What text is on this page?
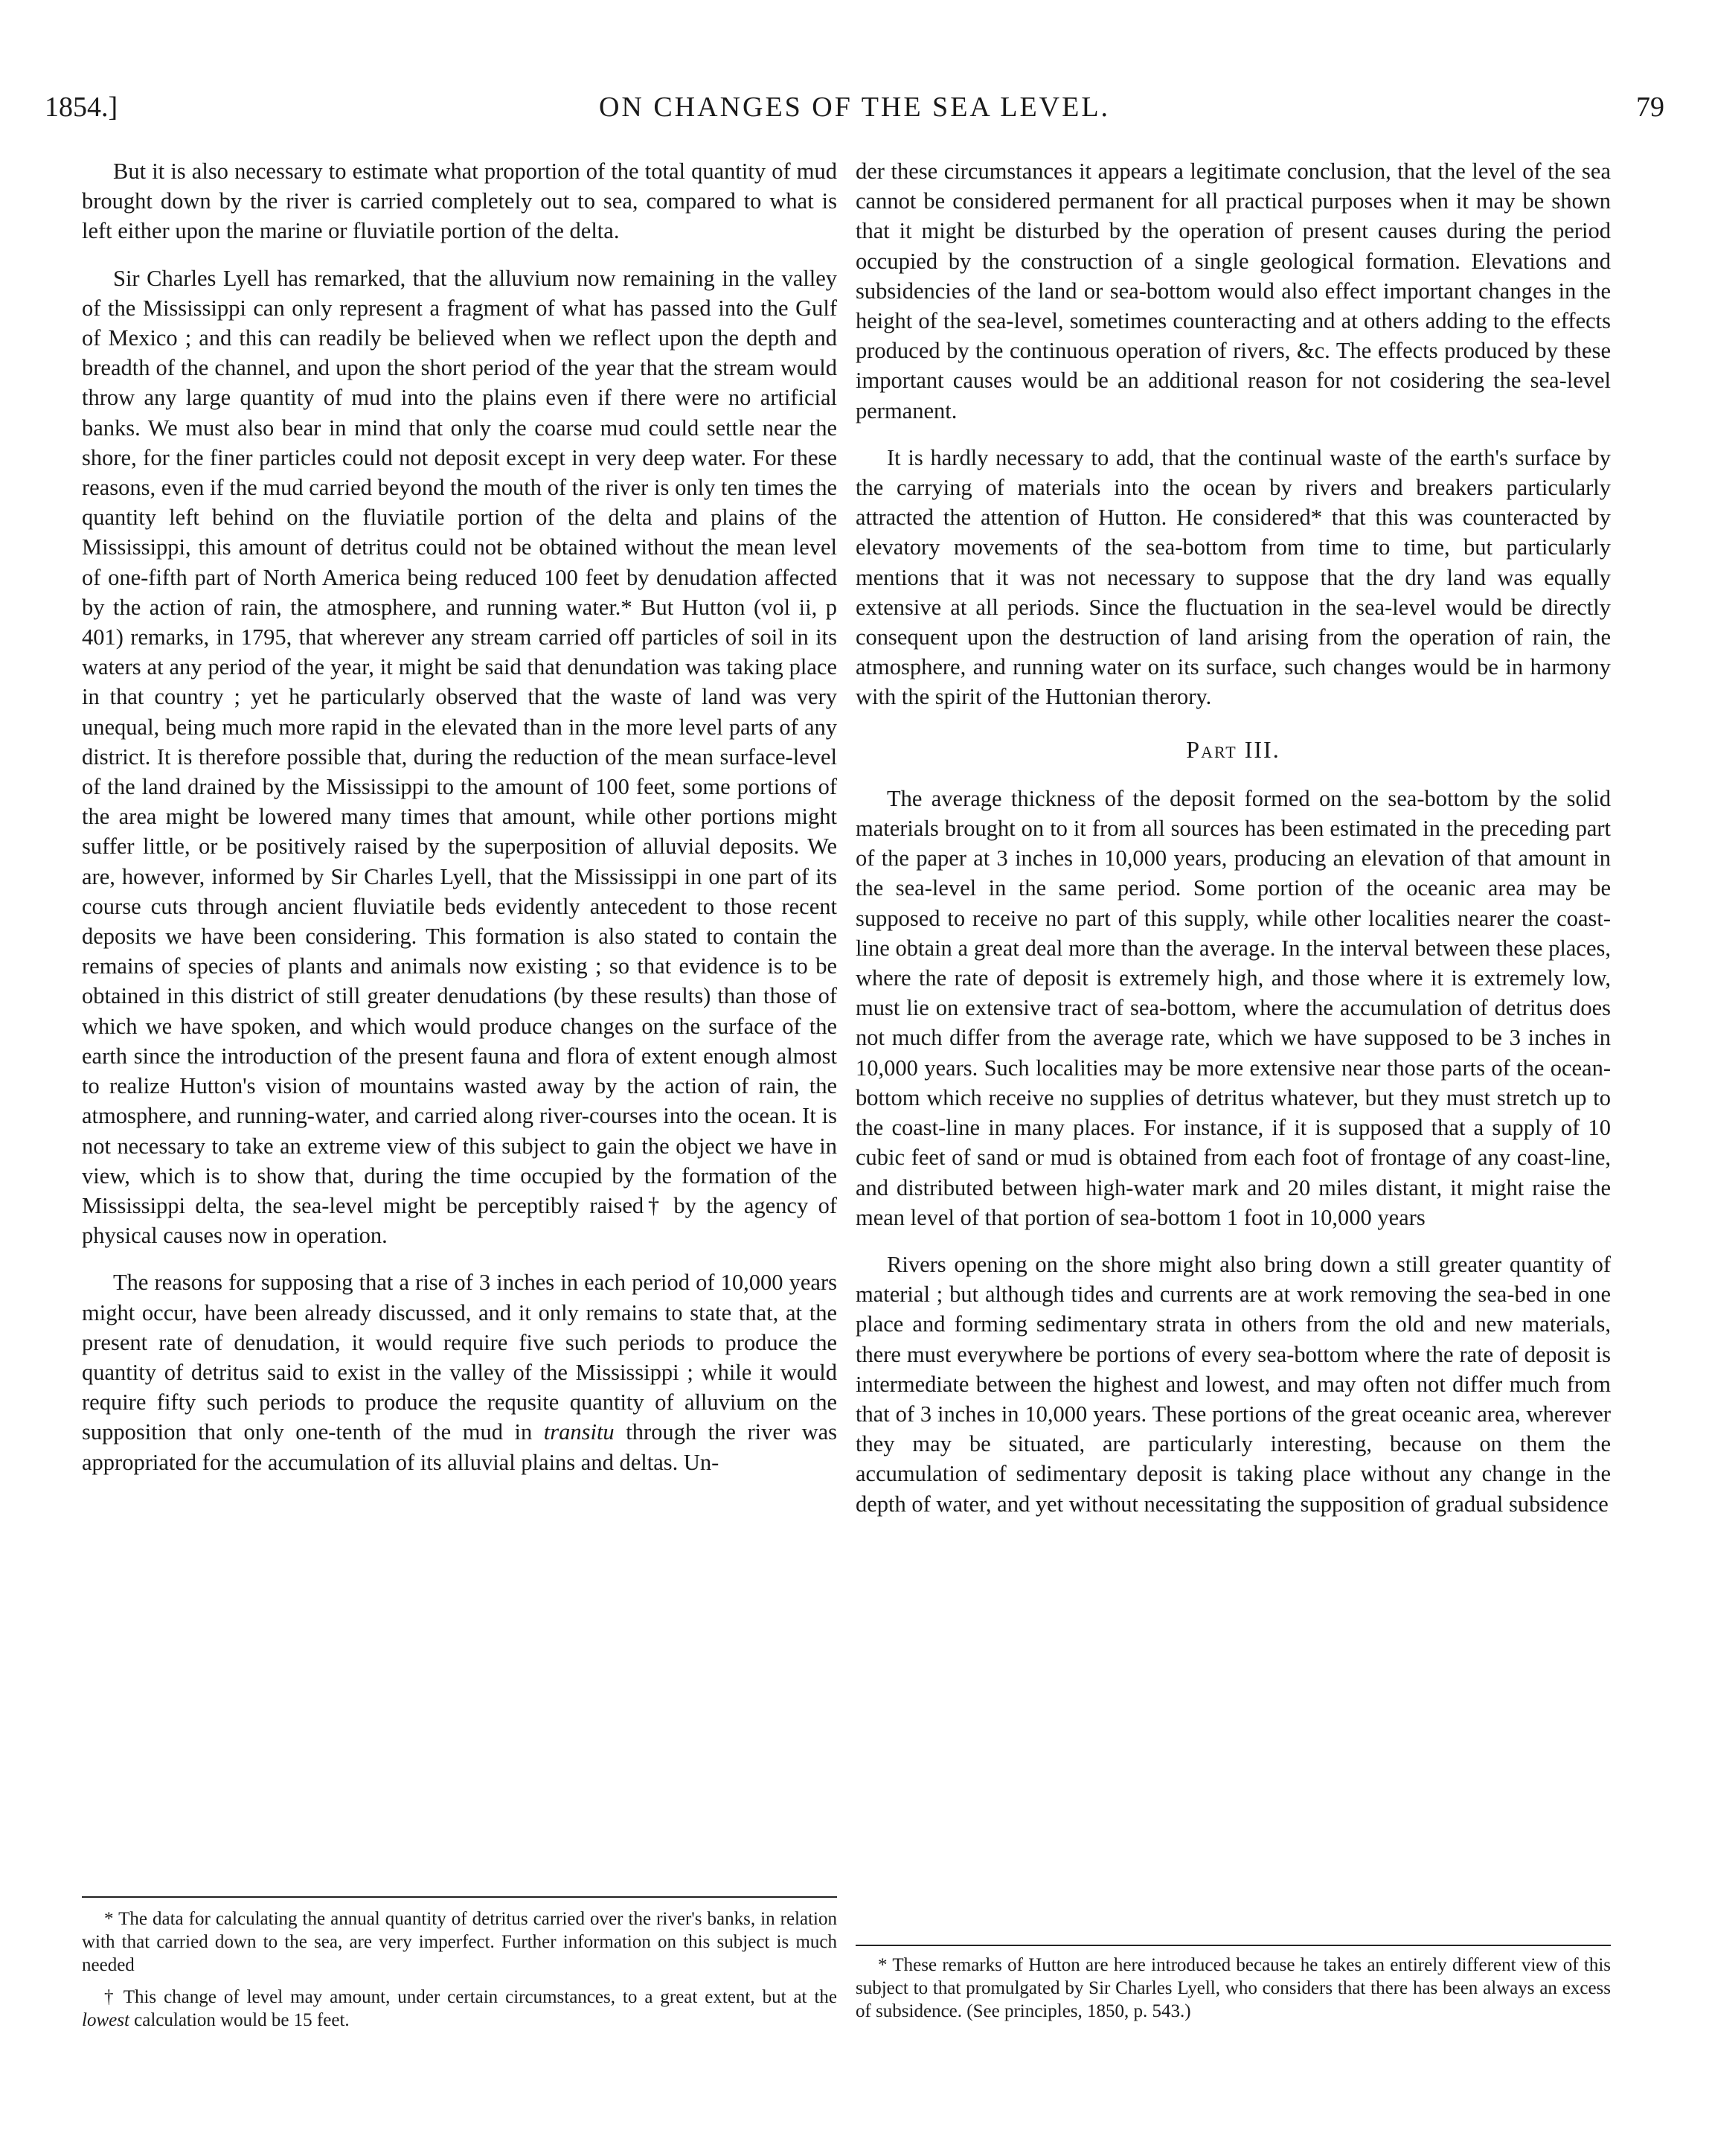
1854.]	ON CHANGES OF THE SEA LEVEL.	79

But it is also necessary to estimate what proportion of the total quantity of mud brought down by the river is carried completely out to sea, compared to what is left either upon the marine or fluviatile portion of the delta.

Sir Charles Lyell has remarked, that the alluvium now remaining in the valley of the Mississippi can only represent a fragment of what has passed into the Gulf of Mexico ; and this can readily be believed when we reflect upon the depth and breadth of the channel, and upon the short period of the year that the stream would throw any large quantity of mud into the plains even if there were no artificial banks. We must also bear in mind that only the coarse mud could settle near the shore, for the finer particles could not deposit except in very deep water. For these reasons, even if the mud carried beyond the mouth of the river is only ten times the quantity left behind on the fluviatile portion of the delta and plains of the Mississippi, this amount of detritus could not be obtained without the mean level of one-fifth part of North America being reduced 100 feet by denudation affected by the action of rain, the atmosphere, and running water.* But Hutton (vol ii, p 401) remarks, in 1795, that wherever any stream carried off particles of soil in its waters at any period of the year, it might be said that denundation was taking place in that country ; yet he particularly observed that the waste of land was very unequal, being much more rapid in the elevated than in the more level parts of any district. It is therefore possible that, during the reduction of the mean surface-level of the land drained by the Mississippi to the amount of 100 feet, some portions of the area might be lowered many times that amount, while other portions might suffer little, or be positively raised by the superposition of alluvial deposits. We are, however, informed by Sir Charles Lyell, that the Mississippi in one part of its course cuts through ancient fluviatile beds evidently antecedent to those recent deposits we have been considering. This formation is also stated to contain the remains of species of plants and animals now existing ; so that evidence is to be obtained in this district of still greater denudations (by these results) than those of which we have spoken, and which would produce changes on the surface of the earth since the introduction of the present fauna and flora of extent enough almost to realize Hutton's vision of mountains wasted away by the action of rain, the atmosphere, and running-water, and carried along river-courses into the ocean. It is not necessary to take an extreme view of this subject to gain the object we have in view, which is to show that, during the time occupied by the formation of the Mississippi delta, the sea-level might be perceptibly raised† by the agency of physical causes now in operation.

The reasons for supposing that a rise of 3 inches in each period of 10,000 years might occur, have been already discussed, and it only remains to state that, at the present rate of denudation, it would require five such periods to produce the quantity of detritus said to exist in the valley of the Mississippi ; while it would require fifty such periods to produce the requsite quantity of alluvium on the supposition that only one-tenth of the mud in transitu through the river was appropriated for the accumulation of its alluvial plains and deltas. Un-

der these circumstances it appears a legitimate conclusion, that the level of the sea cannot be considered permanent for all practical purposes when it may be shown that it might be disturbed by the operation of present causes during the period occupied by the construction of a single geological formation. Elevations and subsidencies of the land or sea-bottom would also effect important changes in the height of the sea-level, sometimes counteracting and at others adding to the effects produced by the continuous operation of rivers, &c. The effects produced by these important causes would be an additional reason for not cosidering the sea-level permanent.

It is hardly necessary to add, that the continual waste of the earth's surface by the carrying of materials into the ocean by rivers and breakers particularly attracted the attention of Hutton. He considered* that this was counteracted by elevatory movements of the sea-bottom from time to time, but particularly mentions that it was not necessary to suppose that the dry land was equally extensive at all periods. Since the fluctuation in the sea-level would be directly consequent upon the destruction of land arising from the operation of rain, the atmosphere, and running water on its surface, such changes would be in harmony with the spirit of the Huttonian therory.

Part III.

The average thickness of the deposit formed on the sea-bottom by the solid materials brought on to it from all sources has been estimated in the preceding part of the paper at 3 inches in 10,000 years, producing an elevation of that amount in the sea-level in the same period. Some portion of the oceanic area may be supposed to receive no part of this supply, while other localities nearer the coast-line obtain a great deal more than the average. In the interval between these places, where the rate of deposit is extremely high, and those where it is extremely low, must lie on extensive tract of sea-bottom, where the accumulation of detritus does not much differ from the average rate, which we have supposed to be 3 inches in 10,000 years. Such localities may be more extensive near those parts of the ocean-bottom which receive no supplies of detritus whatever, but they must stretch up to the coast-line in many places. For instance, if it is supposed that a supply of 10 cubic feet of sand or mud is obtained from each foot of frontage of any coast-line, and distributed between high-water mark and 20 miles distant, it might raise the mean level of that portion of sea-bottom 1 foot in 10,000 years

Rivers opening on the shore might also bring down a still greater quantity of material ; but although tides and currents are at work removing the sea-bed in one place and forming sedimentary strata in others from the old and new materials, there must everywhere be portions of every sea-bottom where the rate of deposit is intermediate between the highest and lowest, and may often not differ much from that of 3 inches in 10,000 years. These portions of the great oceanic area, wherever they may be situated, are particularly interesting, because on them the accumulation of sedimentary deposit is taking place without any change in the depth of water, and yet without necessitating the supposition of gradual subsidence

* The data for calculating the annual quantity of detritus carried over the river's banks, in relation with that carried down to the sea, are very imperfect. Further information on this subject is much needed

† This change of level may amount, under certain circumstances, to a great extent, but at the lowest calculation would be 15 feet.

* These remarks of Hutton are here introduced because he takes an entirely different view of this subject to that promulgated by Sir Charles Lyell, who considers that there has been always an excess of subsidence. (See principles, 1850, p. 543.)
